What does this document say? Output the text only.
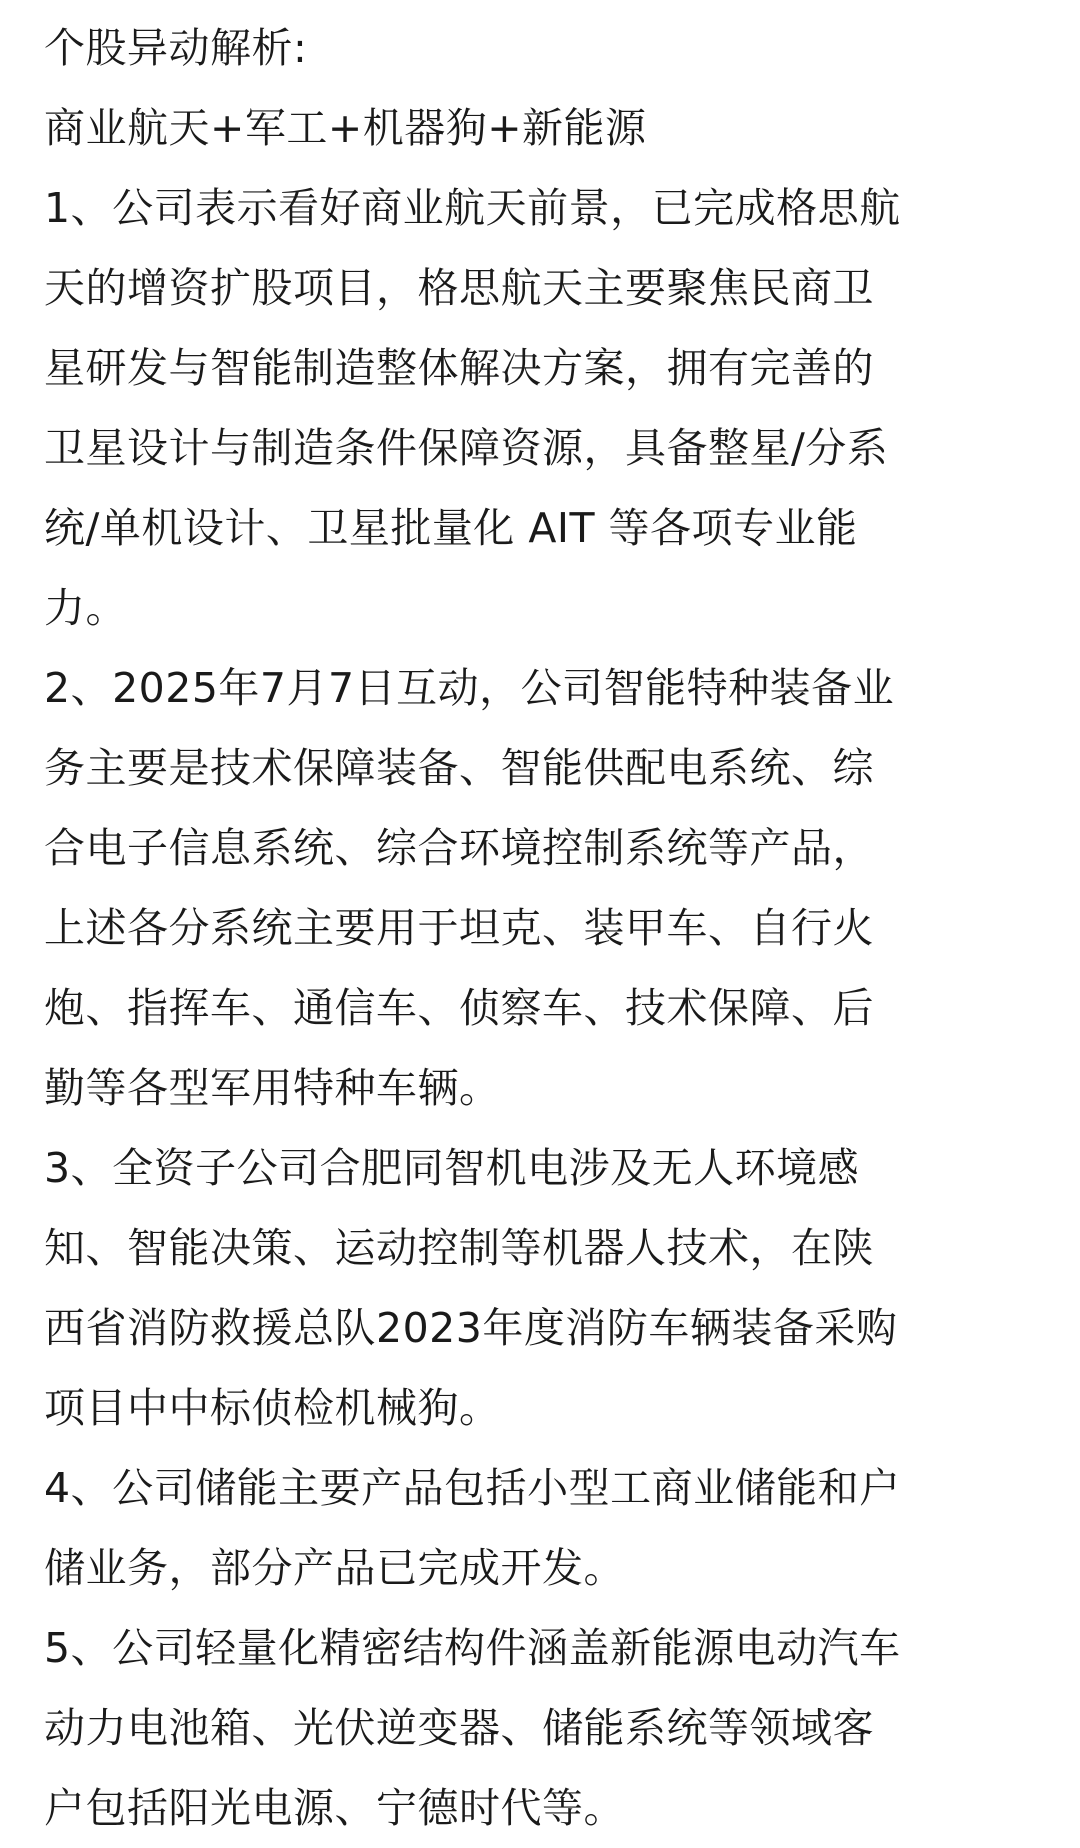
个股异动解析:
商业航天+军工+机器狗+新能源
1、公司表示看好商业航天前景，已完成格思航
天的增资扩股项目，格思航天主要聚焦民商卫
星研发与智能制造整体解决方案，拥有完善的
卫星设计与制造条件保障资源，具备整星/分系
统/单机设计、卫星批量化 AIT 等各项专业能
力。
2、2025年7月7日互动，公司智能特种装备业
务主要是技术保障装备、智能供配电系统、综
合电子信息系统、综合环境控制系统等产品，
上述各分系统主要用于坦克、装甲车、自行火
炮、指挥车、通信车、侦察车、技术保障、后
勤等各型军用特种车辆。
3、全资子公司合肥同智机电涉及无人环境感
知、智能决策、运动控制等机器人技术，在陕
西省消防救援总队2023年度消防车辆装备采购
项目中中标侦检机械狗。
4、公司储能主要产品包括小型工商业储能和户
储业务，部分产品已完成开发。
5、公司轻量化精密结构件涵盖新能源电动汽车
动力电池箱、光伏逆变器、储能系统等领域客
户包括阳光电源、宁德时代等。
